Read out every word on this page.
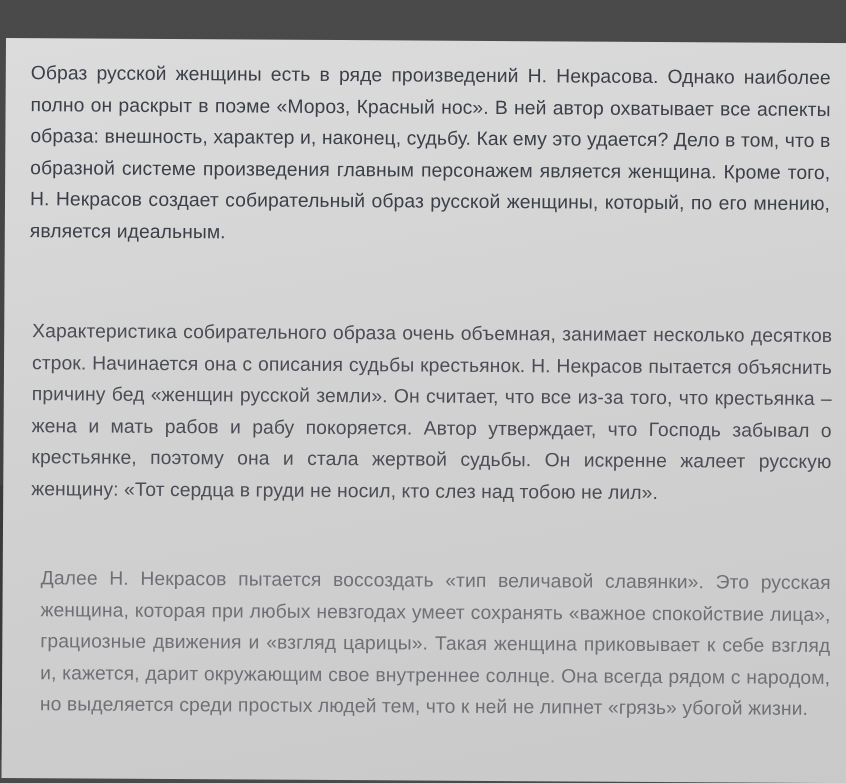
Образ русской женщины есть в ряде произведений Н. Некрасова. Однако наиболее полно он раскрыт в поэме «Мороз, Красный нос». В ней автор охватывает все аспекты образа: внешность, характер и, наконец, судьбу. Как ему это удается? Дело в том, что в образной системе произведения главным персонажем является женщина. Кроме того, Н. Некрасов создает собирательный образ русской женщины, который, по его мнению, является идеальным.

Характеристика собирательного образа очень объемная, занимает несколько десятков строк. Начинается она с описания судьбы крестьянок. Н. Некрасов пытается объяснить причину бед «женщин русской земли». Он считает, что все из-за того, что крестьянка – жена и мать рабов и рабу покоряется. Автор утверждает, что Господь забывал о крестьянке, поэтому она и стала жертвой судьбы. Он искренне жалеет русскую женщину: «Тот сердца в груди не носил, кто слез над тобою не лил».

Далее Н. Некрасов пытается воссоздать «тип величавой славянки». Это русская женщина, которая при любых невзгодах умеет сохранять «важное спокойствие лица», грациозные движения и «взгляд царицы». Такая женщина приковывает к себе взгляд и, кажется, дарит окружающим свое внутреннее солнце. Она всегда рядом с народом, но выделяется среди простых людей тем, что к ней не липнет «грязь» убогой жизни.
